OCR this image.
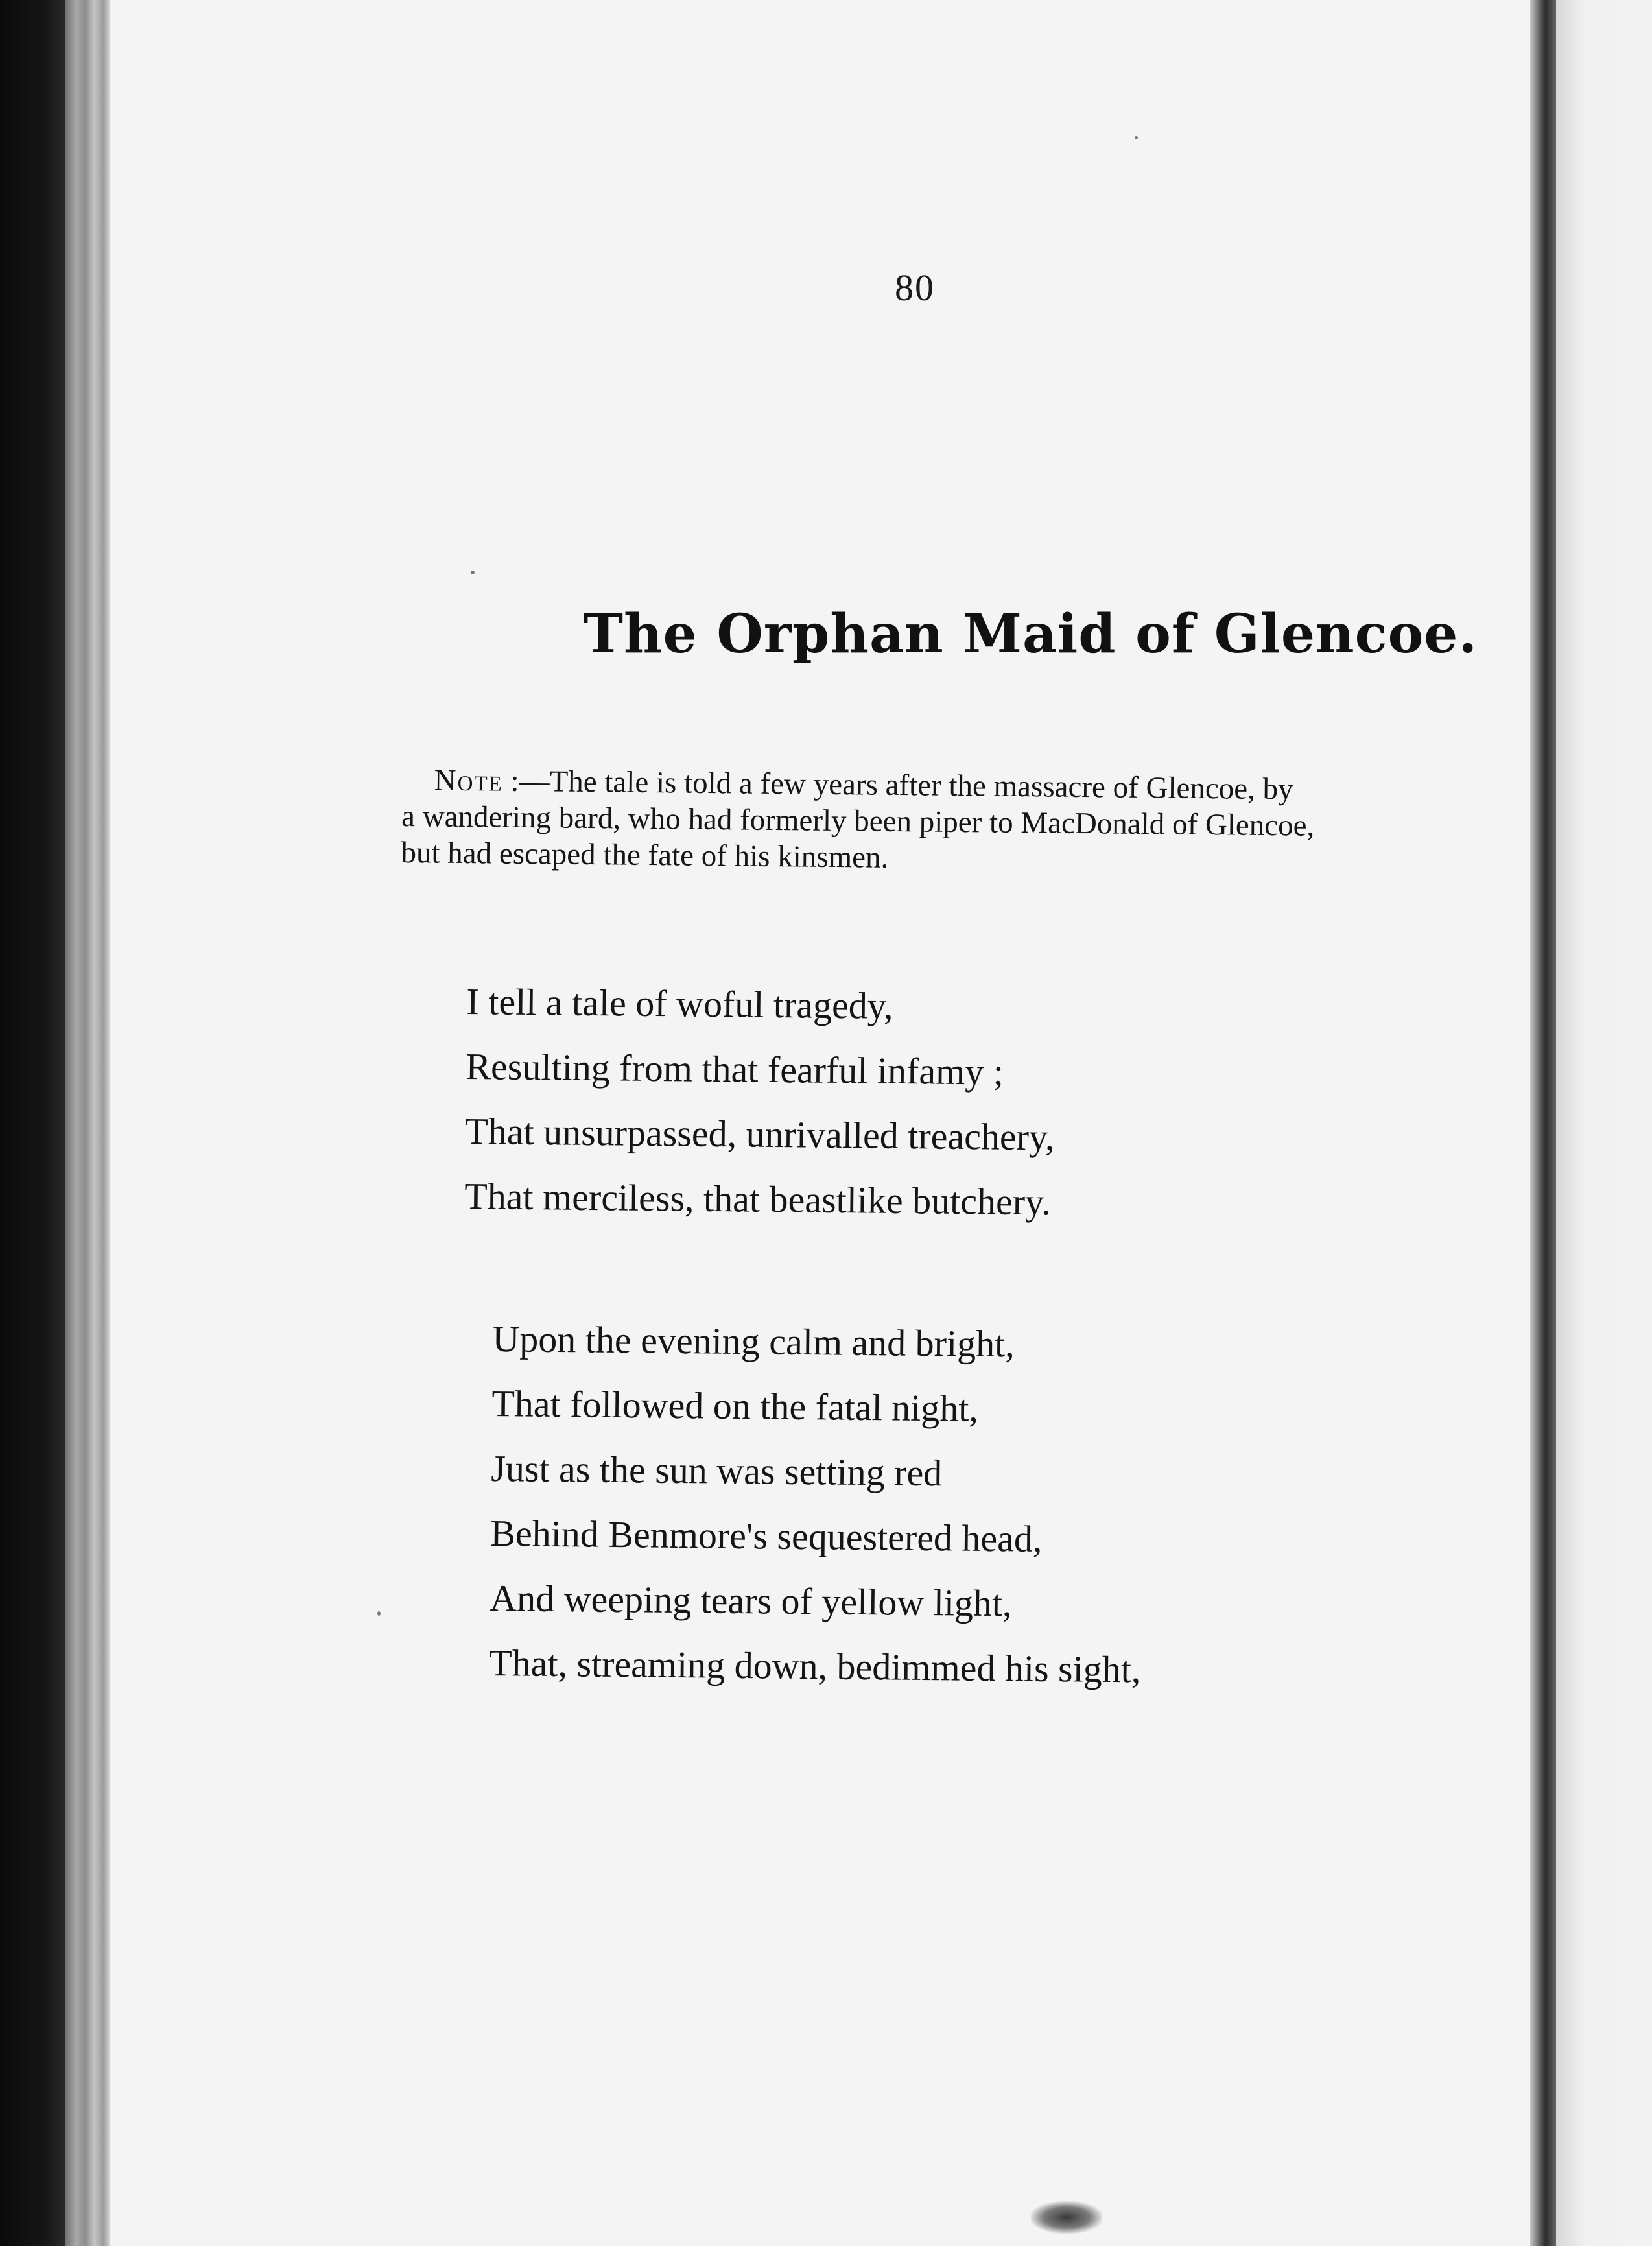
80
The Orphan Maid of Glencoe.
Note :—The tale is told a few years after the massacre of Glencoe, by
a wandering bard, who had formerly been piper to MacDonald of Glencoe,
but had escaped the fate of his kinsmen.
I tell a tale of woful tragedy,
Resulting from that fearful infamy ;
That unsurpassed, unrivalled treachery,
That merciless, that beastlike butchery.
Upon the evening calm and bright,
That followed on the fatal night,
Just as the sun was setting red
Behind Benmore's sequestered head,
And weeping tears of yellow light,
That, streaming down, bedimmed his sight,
